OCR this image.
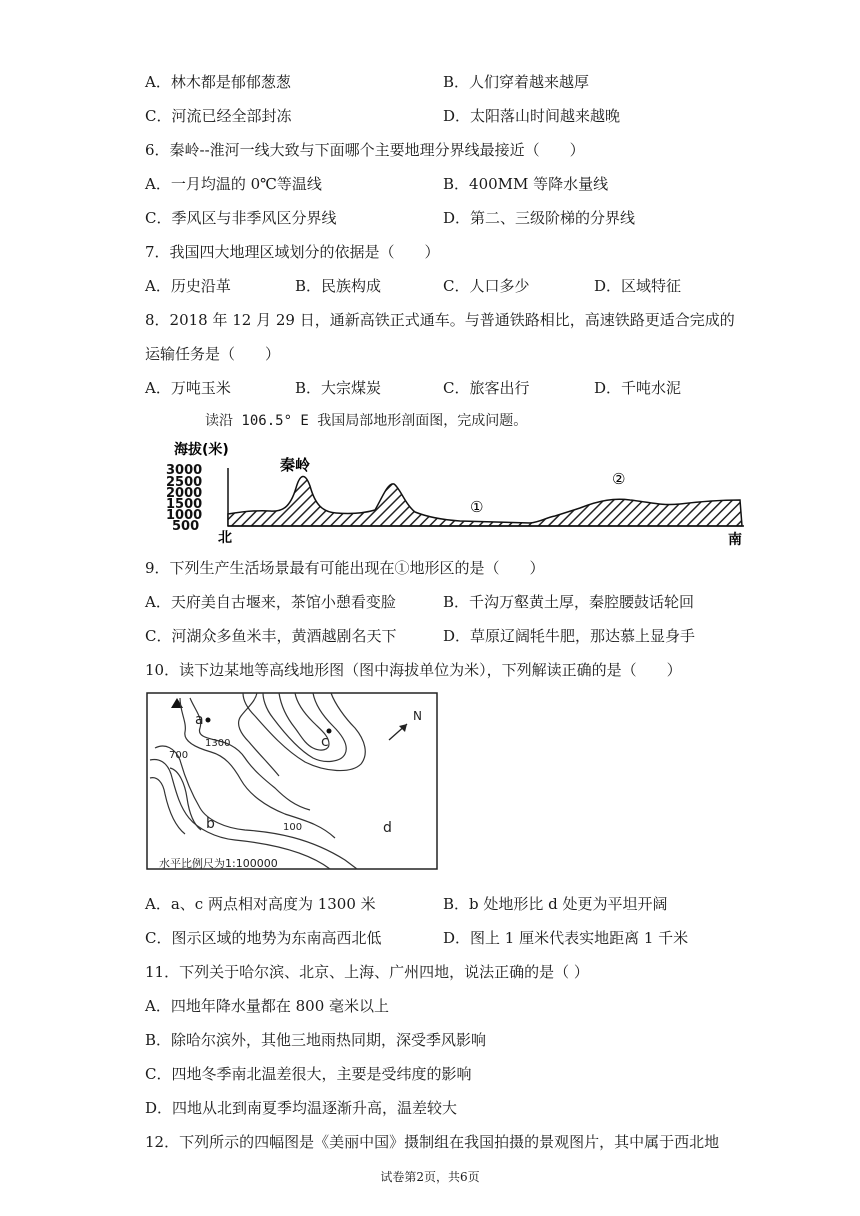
A．林木都是郁郁葱葱	B．人们穿着越来越厚
C．河流已经全部封冻	D．太阳落山时间越来越晚
6．秦岭--淮河一线大致与下面哪个主要地理分界线最接近（　　）
A．一月均温的 0℃等温线	B．400MM 等降水量线
C．季风区与非季风区分界线	D．第二、三级阶梯的分界线
7．我国四大地理区域划分的依据是（　　）
A．历史沿革	B．民族构成	C．人口多少	D．区域特征
8．2018 年 12 月 29 日，通新高铁正式通车。与普通铁路相比，高速铁路更适合完成的
运输任务是（　　）
A．万吨玉米	B．大宗煤炭	C．旅客出行	D．千吨水泥
读沿 106.5° E 我国局部地形剖面图，完成问题。
海拔(米)
3000
2500
2000
1500
1000
500
秦岭
①
②
北	南
9．下列生产生活场景最有可能出现在①地形区的是（　　）
A．天府美自古堰来，茶馆小憩看变脸	B．千沟万壑黄土厚，秦腔腰鼓话轮回
C．河湖众多鱼米丰，黄酒越剧名天下	D．草原辽阔牦牛肥，那达慕上显身手
10．读下边某地等高线地形图（图中海拔单位为米），下列解读正确的是（　　）
a
c
b	d
1300
700
100
N
水平比例尺为1:100000
A．a、c 两点相对高度为 1300 米	B．b 处地形比 d 处更为平坦开阔
C．图示区域的地势为东南高西北低	D．图上 1 厘米代表实地距离 1 千米
11．下列关于哈尔滨、北京、上海、广州四地，说法正确的是（ ）
A．四地年降水量都在 800 毫米以上
B．除哈尔滨外，其他三地雨热同期，深受季风影响
C．四地冬季南北温差很大，主要是受纬度的影响
D．四地从北到南夏季均温逐渐升高，温差较大
12．下列所示的四幅图是《美丽中国》摄制组在我国拍摄的景观图片，其中属于西北地
试卷第2页，共6页
